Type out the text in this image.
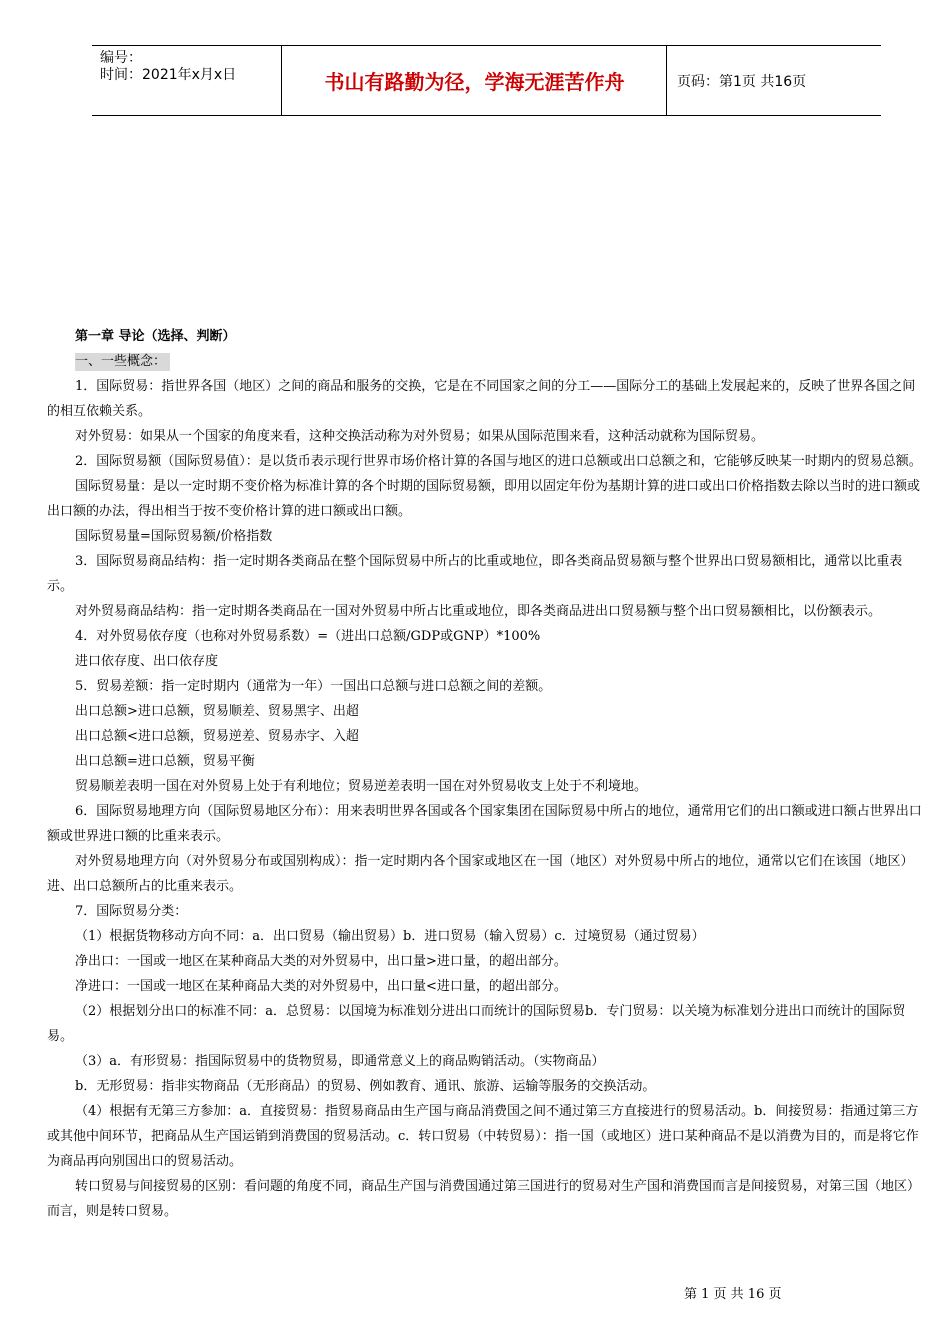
编号：
时间：2021年x月x日	书山有路勤为径，学海无涯苦作舟	页码：第1页 共16页

第一章 导论（选择、判断）

一、一些概念：

1．国际贸易：指世界各国（地区）之间的商品和服务的交换，它是在不同国家之间的分工——国际分工的基础上发展起来的，反映了世界各国之间的相互依赖关系。

对外贸易：如果从一个国家的角度来看，这种交换活动称为对外贸易；如果从国际范围来看，这种活动就称为国际贸易。

2．国际贸易额（国际贸易值）：是以货币表示现行世界市场价格计算的各国与地区的进口总额或出口总额之和，它能够反映某一时期内的贸易总额。

国际贸易量：是以一定时期不变价格为标准计算的各个时期的国际贸易额，即用以固定年份为基期计算的进口或出口价格指数去除以当时的进口额或出口额的办法，得出相当于按不变价格计算的进口额或出口额。

国际贸易量=国际贸易额/价格指数

3．国际贸易商品结构：指一定时期各类商品在整个国际贸易中所占的比重或地位，即各类商品贸易额与整个世界出口贸易额相比，通常以比重表示。

对外贸易商品结构：指一定时期各类商品在一国对外贸易中所占比重或地位，即各类商品进出口贸易额与整个出口贸易额相比，以份额表示。

4．对外贸易依存度（也称对外贸易系数）=（进出口总额/GDP或GNP）*100%

进口依存度、出口依存度

5．贸易差额：指一定时期内（通常为一年）一国出口总额与进口总额之间的差额。

出口总额>进口总额，贸易顺差、贸易黑字、出超

出口总额<进口总额，贸易逆差、贸易赤字、入超

出口总额=进口总额，贸易平衡

贸易顺差表明一国在对外贸易上处于有利地位；贸易逆差表明一国在对外贸易收支上处于不利境地。

6．国际贸易地理方向（国际贸易地区分布）：用来表明世界各国或各个国家集团在国际贸易中所占的地位，通常用它们的出口额或进口额占世界出口额或世界进口额的比重来表示。

对外贸易地理方向（对外贸易分布或国别构成）：指一定时期内各个国家或地区在一国（地区）对外贸易中所占的地位，通常以它们在该国（地区）进、出口总额所占的比重来表示。

7．国际贸易分类：

（1）根据货物移动方向不同：a．出口贸易（输出贸易）b．进口贸易（输入贸易）c．过境贸易（通过贸易）

净出口：一国或一地区在某种商品大类的对外贸易中，出口量>进口量，的超出部分。

净进口：一国或一地区在某种商品大类的对外贸易中，出口量<进口量，的超出部分。

（2）根据划分出口的标准不同：a．总贸易：以国境为标准划分进出口而统计的国际贸易b．专门贸易：以关境为标准划分进出口而统计的国际贸易。

（3）a．有形贸易：指国际贸易中的货物贸易，即通常意义上的商品购销活动。（实物商品）

b．无形贸易：指非实物商品（无形商品）的贸易、例如教育、通讯、旅游、运输等服务的交换活动。

（4）根据有无第三方参加：a．直接贸易：指贸易商品由生产国与商品消费国之间不通过第三方直接进行的贸易活动。b．间接贸易：指通过第三方或其他中间环节，把商品从生产国运销到消费国的贸易活动。c．转口贸易（中转贸易）：指一国（或地区）进口某种商品不是以消费为目的，而是将它作为商品再向别国出口的贸易活动。

转口贸易与间接贸易的区别：看问题的角度不同，商品生产国与消费国通过第三国进行的贸易对生产国和消费国而言是间接贸易，对第三国（地区）而言，则是转口贸易。

第 1 页 共 16 页
